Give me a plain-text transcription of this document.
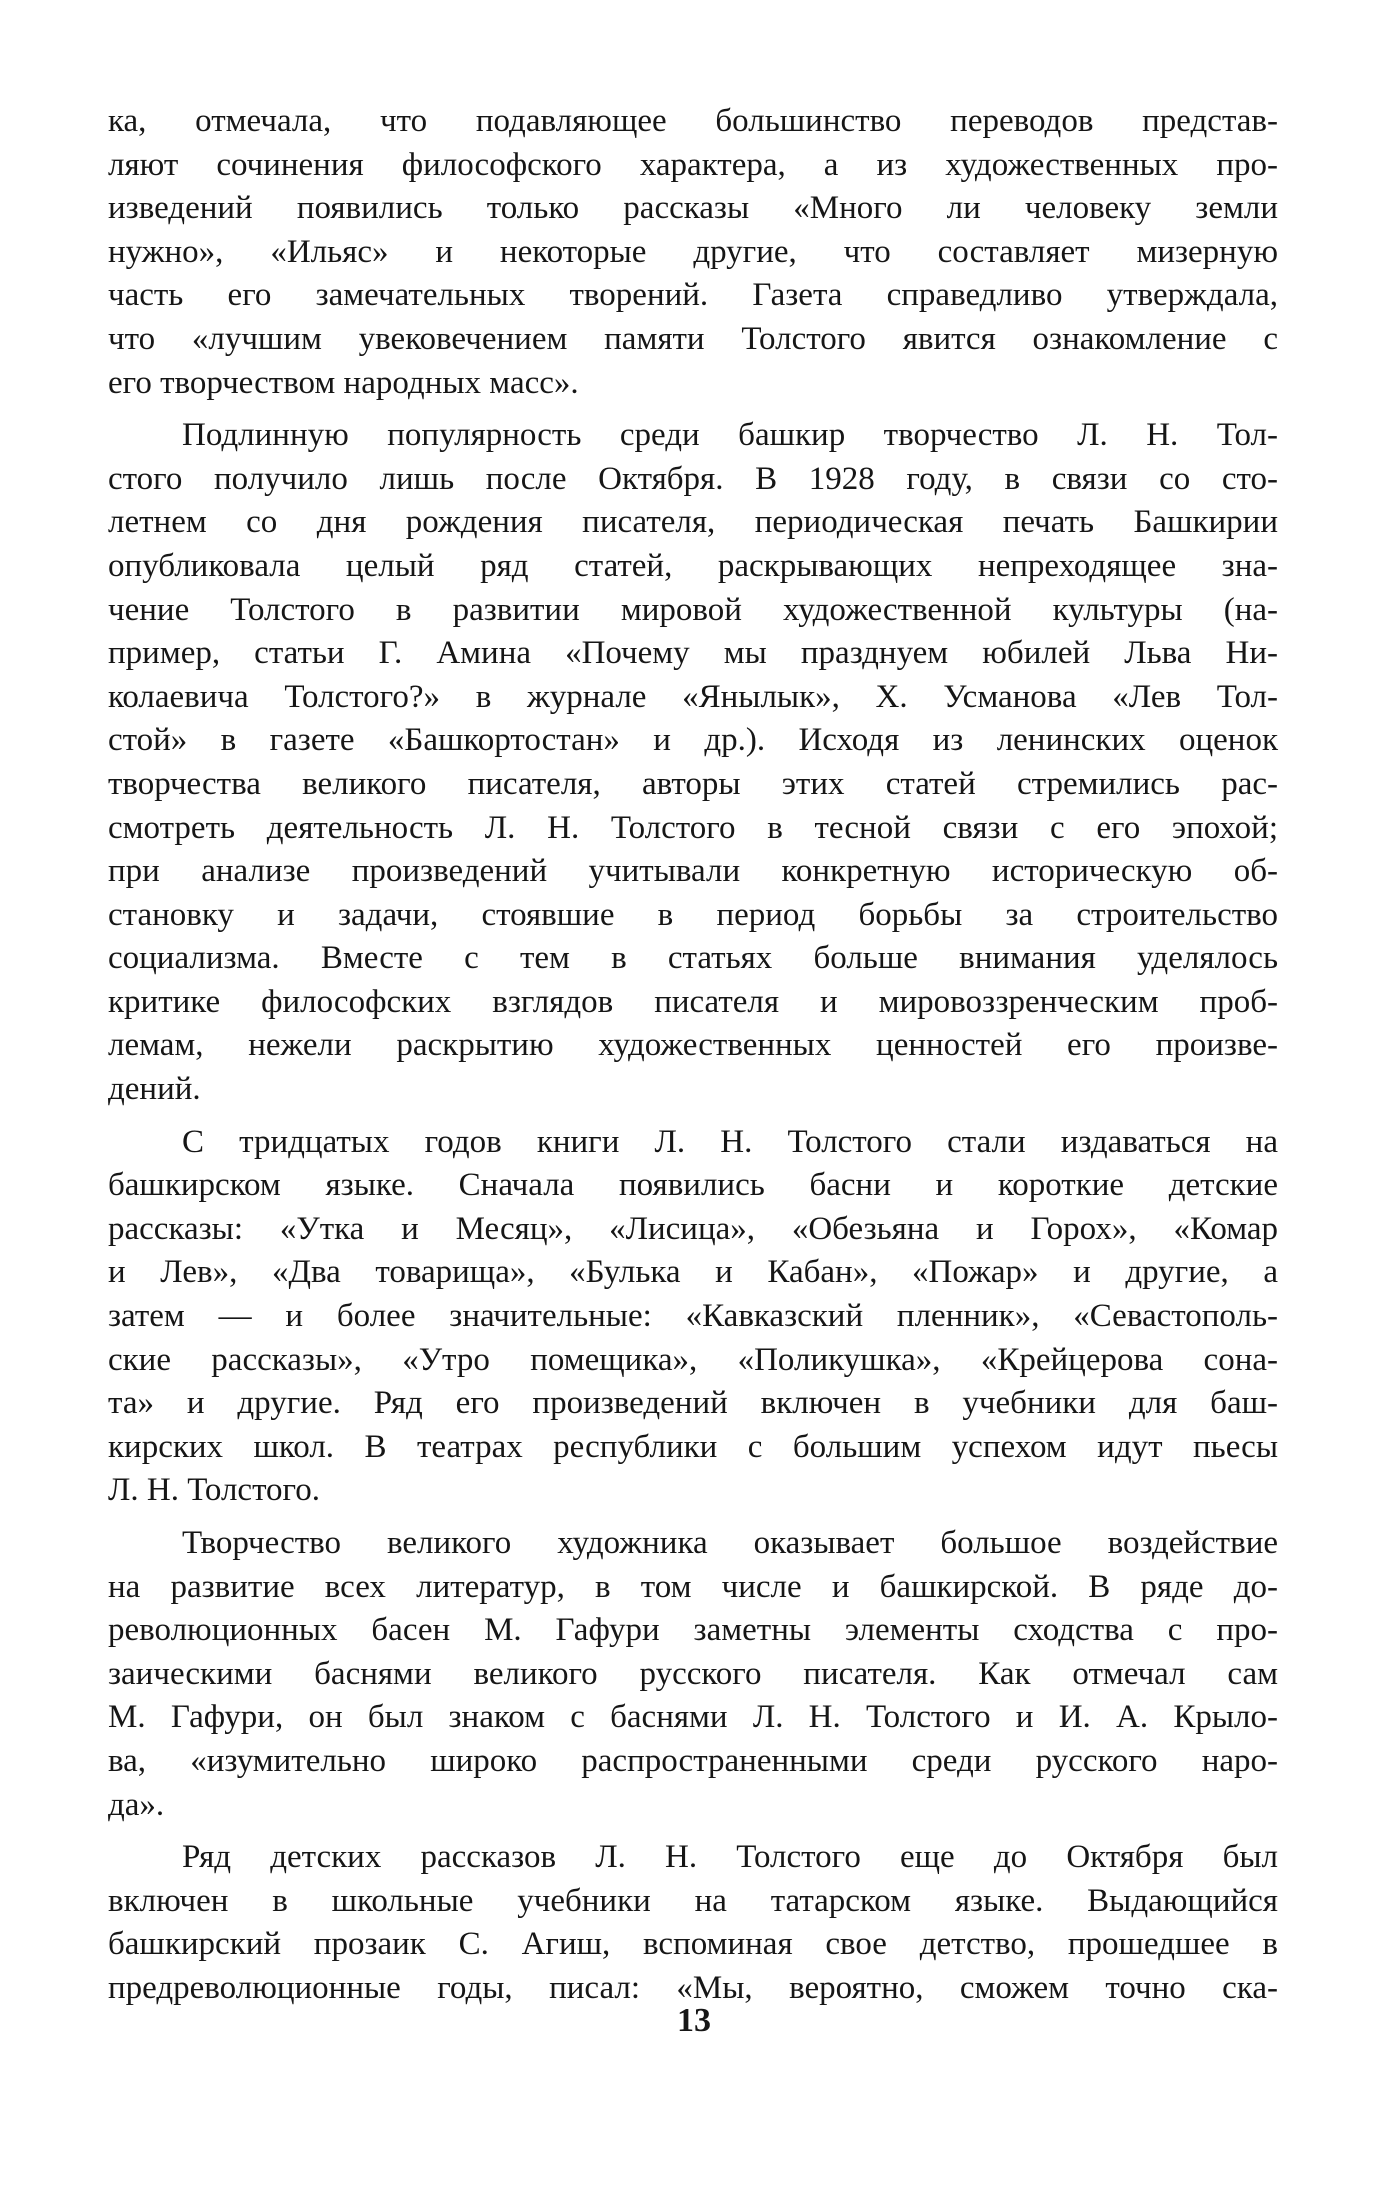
ка, отмечала, что подавляющее большинство переводов представ-
ляют сочинения философского характера, а из художественных про-
изведений появились только рассказы «Много ли человеку земли
нужно», «Ильяс» и некоторые другие, что составляет мизерную
часть его замечательных творений. Газета справедливо утверждала,
что «лучшим увековечением памяти Толстого явится ознакомление с
его творчеством народных масс».
Подлинную популярность среди башкир творчество Л. Н. Тол-
стого получило лишь после Октября. В 1928 году, в связи со сто-
летнем со дня рождения писателя, периодическая печать Башкирии
опубликовала целый ряд статей, раскрывающих непреходящее зна-
чение Толстого в развитии мировой художественной культуры (на-
пример, статьи Г. Амина «Почему мы празднуем юбилей Льва Ни-
колаевича Толстого?» в журнале «Янылык», Х. Усманова «Лев Тол-
стой» в газете «Башкортостан» и др.). Исходя из ленинских оценок
творчества великого писателя, авторы этих статей стремились рас-
смотреть деятельность Л. Н. Толстого в тесной связи с его эпохой;
при анализе произведений учитывали конкретную историческую об-
становку и задачи, стоявшие в период борьбы за строительство
социализма. Вместе с тем в статьях больше внимания уделялось
критике философских взглядов писателя и мировоззренческим проб-
лемам, нежели раскрытию художественных ценностей его произве-
дений.
С тридцатых годов книги Л. Н. Толстого стали издаваться на
башкирском языке. Сначала появились басни и короткие детские
рассказы: «Утка и Месяц», «Лисица», «Обезьяна и Горох», «Комар
и Лев», «Два товарища», «Булька и Кабан», «Пожар» и другие, а
затем — и более значительные: «Кавказский пленник», «Севастополь-
ские рассказы», «Утро помещика», «Поликушка», «Крейцерова сона-
та» и другие. Ряд его произведений включен в учебники для баш-
кирских школ. В театрах республики с большим успехом идут пьесы
Л. Н. Толстого.
Творчество великого художника оказывает большое воздействие
на развитие всех литератур, в том числе и башкирской. В ряде до-
революционных басен М. Гафури заметны элементы сходства с про-
заическими баснями великого русского писателя. Как отмечал сам
М. Гафури, он был знаком с баснями Л. Н. Толстого и И. А. Крыло-
ва, «изумительно широко распространенными среди русского наро-
да».
Ряд детских рассказов Л. Н. Толстого еще до Октября был
включен в школьные учебники на татарском языке. Выдающийся
башкирский прозаик С. Агиш, вспоминая свое детство, прошедшее в
предреволюционные годы, писал: «Мы, вероятно, сможем точно ска-
13
